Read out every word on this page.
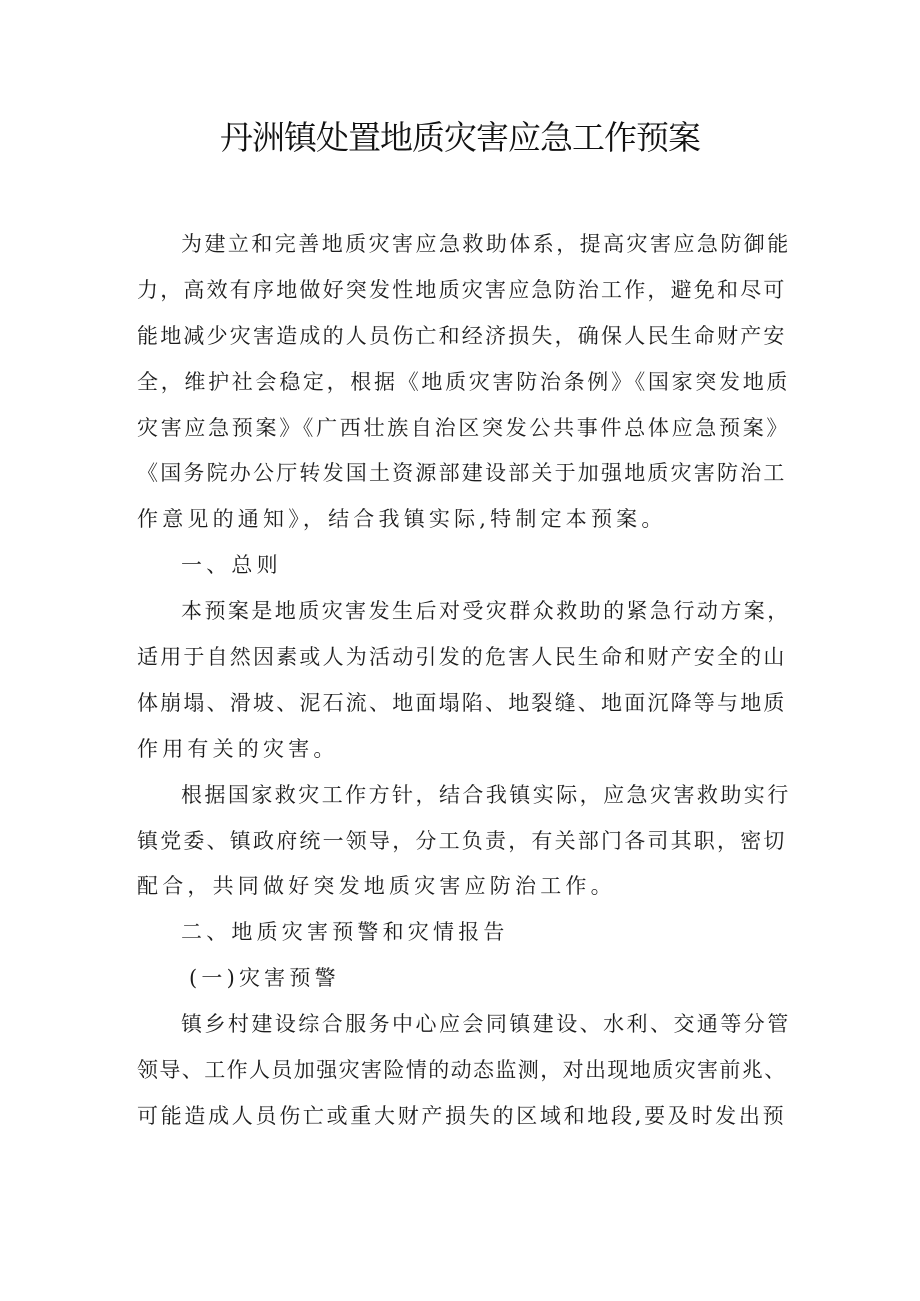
丹洲镇处置地质灾害应急工作预案
为建立和完善地质灾害应急救助体系，提高灾害应急防御能
力，高效有序地做好突发性地质灾害应急防治工作，避免和尽可
能地减少灾害造成的人员伤亡和经济损失，确保人民生命财产安
全，维护社会稳定，根据《地质灾害防治条例》《国家突发地质
灾害应急预案》《广西壮族自治区突发公共事件总体应急预案》
《国务院办公厅转发国土资源部建设部关于加强地质灾害防治工
作意见的通知》，结合我镇实际,特制定本预案。
一、总则
本预案是地质灾害发生后对受灾群众救助的紧急行动方案，
适用于自然因素或人为活动引发的危害人民生命和财产安全的山
体崩塌、滑坡、泥石流、地面塌陷、地裂缝、地面沉降等与地质
作用有关的灾害。
根据国家救灾工作方针，结合我镇实际，应急灾害救助实行
镇党委、镇政府统一领导，分工负责，有关部门各司其职，密切
配合，共同做好突发地质灾害应防治工作。
二、地质灾害预警和灾情报告
(一)灾害预警
镇乡村建设综合服务中心应会同镇建设、水利、交通等分管
领导、工作人员加强灾害险情的动态监测，对出现地质灾害前兆、
可能造成人员伤亡或重大财产损失的区域和地段,要及时发出预
